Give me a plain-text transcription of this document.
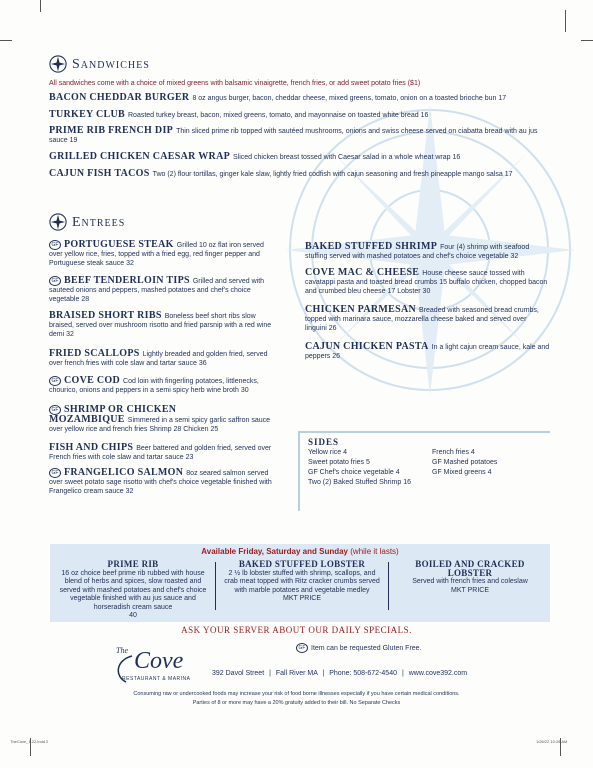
Sandwiches
All sandwiches come with a choice of mixed greens with balsamic vinaigrette, french fries, or add sweet potato fries ($1)
BACON CHEDDAR BURGER 8 oz angus burger, bacon, cheddar cheese, mixed greens, tomato, onion on a toasted brioche bun 17
TURKEY CLUB Roasted turkey breast, bacon, mixed greens, tomato, and mayonnaise on toasted white bread 16
PRIME RIB FRENCH DIP Thin sliced prime rib topped with sautéed mushrooms, onions and swiss cheese served on ciabatta bread with au jus sauce 19
GRILLED CHICKEN CAESAR WRAP Sliced chicken breast tossed with Caesar salad in a whole wheat wrap 16
CAJUN FISH TACOS Two (2) flour tortillas, ginger kale slaw, lightly fried codfish with cajun seasoning and fresh pineapple mango salsa 17
Entrees
GF PORTUGUESE STEAK Grilled 10 oz flat iron served over yellow rice, fries, topped with a fried egg, red finger pepper and Portuguese steak sauce 32
GF BEEF TENDERLOIN TIPS Grilled and served with sauteed onions and peppers, mashed potatoes and chef's choice vegetable 28
BRAISED SHORT RIBS Boneless beef short ribs slow braised, served over mushroom risotto and fried parsnip with a red wine demi 32
FRIED SCALLOPS Lightly breaded and golden fried, served over french fries with cole slaw and tartar sauce 36
GF COVE COD Cod loin with fingerling potatoes, littlenecks, chourico, onions and peppers in a semi spicy herb wine broth 30
GF SHRIMP OR CHICKEN MOZAMBIQUE Simmered in a semi spicy garlic saffron sauce over yellow rice and french fries Shrimp 28 Chicken 25
FISH AND CHIPS Beer battered and golden fried, served over French fries with cole slaw and tartar sauce 23
GF FRANGELICO SALMON 8oz seared salmon served over sweet potato sage risotto with chef's choice vegetable finished with Frangelico cream sauce 32
BAKED STUFFED SHRIMP Four (4) shrimp with seafood stuffing served with mashed potatoes and chef's choice vegetable 32
COVE MAC & CHEESE House cheese sauce tossed with cavatappi pasta and toasted bread crumbs 15 buffalo chicken, chopped bacon and crumbed bleu cheese 17 Lobster 30
CHICKEN PARMESAN Breaded with seasoned bread crumbs, topped with marinara sauce, mozzarella cheese baked and served over linguini 26
CAJUN CHICKEN PASTA In a light cajun cream sauce, kale and peppers 26
SIDES
Yellow rice 4
Sweet potato fries 5
GF Chef's choice vegetable 4
Two (2) Baked Stuffed Shrimp 16
French fries 4
GF Mashed potatoes
GF Mixed greens 4
Available Friday, Saturday and Sunday (while it lasts)
PRIME RIB
16 oz choice beef prime rib rubbed with house blend of herbs and spices, slow roasted and served with mashed potatoes and chef's choice vegetable finished with au jus sauce and horseradish cream sauce
40
BAKED STUFFED LOBSTER
2 ½ lb lobster stuffed with shrimp, scallops, and crab meat topped with Ritz cracker crumbs served with marble potatoes and vegetable medley
MKT PRICE
BOILED AND CRACKED LOBSTER
Served with french fries and coleslaw
MKT PRICE
ASK YOUR SERVER ABOUT OUR DAILY SPECIALS.
GF Item can be requested Gluten Free.
The Cove
RESTAURANT & MARINA
392 Davol Street | Fall River MA | Phone: 508-672-4540 | www.cove392.com
Consuming raw or undercooked foods may increase your risk of food borne illnesses especially if you have certain medical conditions.
Parties of 8 or more may have a 20% gratuity added to their bill. No Separate Checks
TheCove_1.22.indd 2	1/26/22 10:28 AM
